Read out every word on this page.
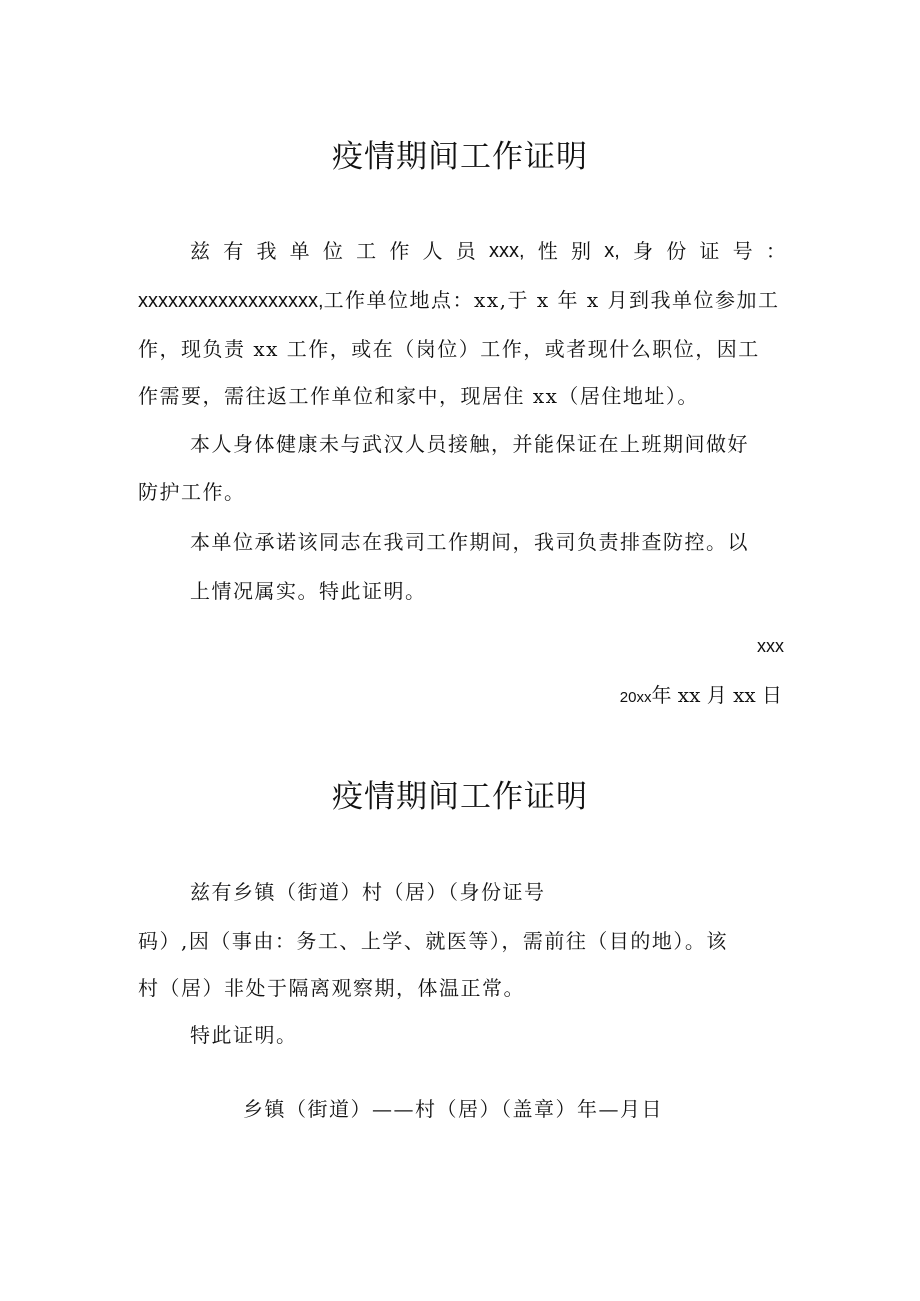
疫情期间工作证明
兹 有 我 单 位 工 作 人 员 xxx, 性 别 x, 身 份 证 号 ：
xxxxxxxxxxxxxxxxxx,工作单位地点：xx,于 x 年 x 月到我单位参加工
作，现负责 xx 工作，或在（岗位）工作，或者现什么职位，因工
作需要，需往返工作单位和家中，现居住 xx（居住地址）。
本人身体健康未与武汉人员接触，并能保证在上班期间做好
防护工作。
本单位承诺该同志在我司工作期间，我司负责排查防控。以
上情况属实。特此证明。
xxx
20xx年 xx 月 xx 日
疫情期间工作证明
兹有乡镇（街道）村（居）（身份证号
码）,因（事由：务工、上学、就医等），需前往（目的地）。该
村（居）非处于隔离观察期，体温正常。
特此证明。
乡镇（街道）——村（居）（盖章）年—月日
